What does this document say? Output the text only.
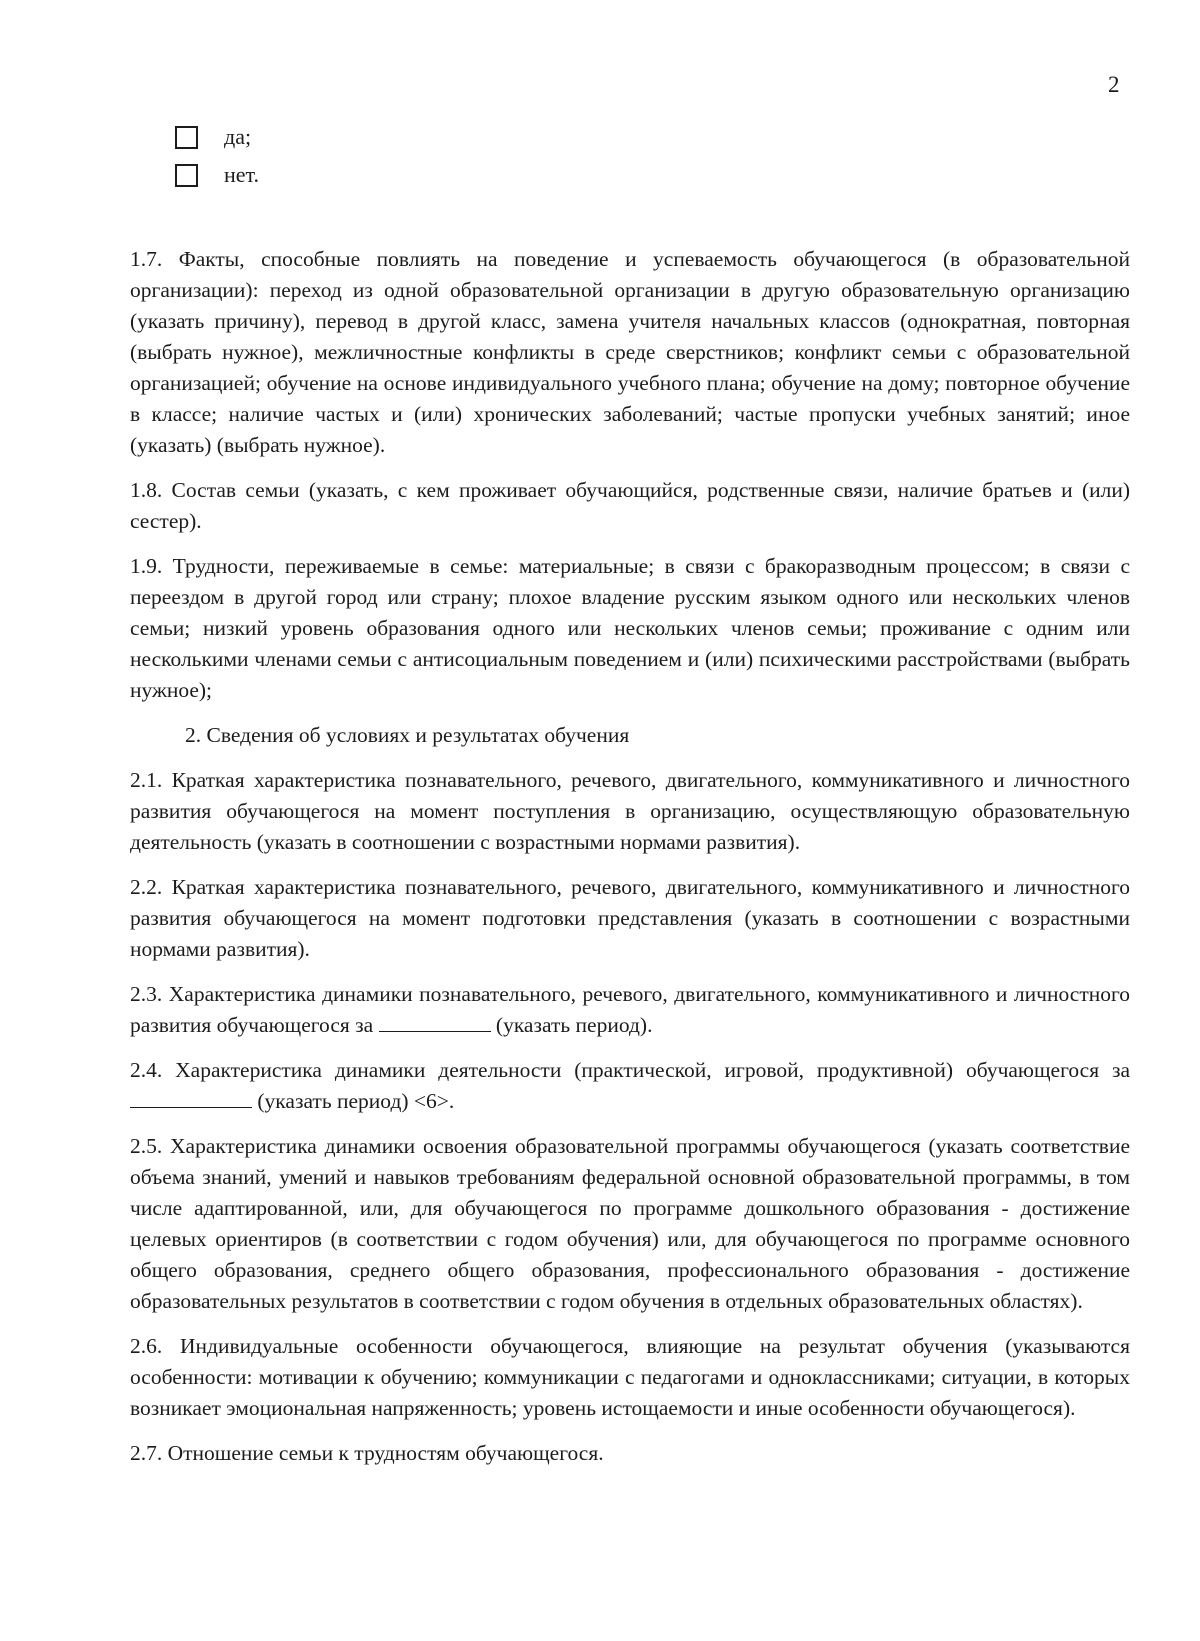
2
да;
нет.

1.7. Факты, способные повлиять на поведение и успеваемость обучающегося (в образовательной организации): переход из одной образовательной организации в другую образовательную организацию (указать причину), перевод в другой класс, замена учителя начальных классов (однократная, повторная (выбрать нужное), межличностные конфликты в среде сверстников; конфликт семьи с образовательной организацией; обучение на основе индивидуального учебного плана; обучение на дому; повторное обучение в классе; наличие частых и (или) хронических заболеваний; частые пропуски учебных занятий; иное (указать) (выбрать нужное).

1.8. Состав семьи (указать, с кем проживает обучающийся, родственные связи, наличие братьев и (или) сестер).

1.9. Трудности, переживаемые в семье: материальные; в связи с бракоразводным процессом; в связи с переездом в другой город или страну; плохое владение русским языком одного или нескольких членов семьи; низкий уровень образования одного или нескольких членов семьи; проживание с одним или несколькими членами семьи с антисоциальным поведением и (или) психическими расстройствами (выбрать нужное);

2. Сведения об условиях и результатах обучения

2.1. Краткая характеристика познавательного, речевого, двигательного, коммуникативного и личностного развития обучающегося на момент поступления в организацию, осуществляющую образовательную деятельность (указать в соотношении с возрастными нормами развития).

2.2. Краткая характеристика познавательного, речевого, двигательного, коммуникативного и личностного развития обучающегося на момент подготовки представления (указать в соотношении с возрастными нормами развития).

2.3. Характеристика динамики познавательного, речевого, двигательного, коммуникативного и личностного развития обучающегося за	(указать период).

2.4. Характеристика динамики деятельности (практической, игровой, продуктивной) обучающегося за  (указать период) <6>.

2.5. Характеристика динамики освоения образовательной программы обучающегося (указать соответствие объема знаний, умений и навыков требованиям федеральной основной образовательной программы, в том числе адаптированной, или, для обучающегося по программе дошкольного образования - достижение целевых ориентиров (в соответствии с годом обучения) или, для обучающегося по программе основного общего образования, среднего общего образования, профессионального образования - достижение образовательных результатов в соответствии с годом обучения в отдельных образовательных областях).

2.6. Индивидуальные особенности обучающегося, влияющие на результат обучения (указываются особенности: мотивации к обучению; коммуникации с педагогами и одноклассниками; ситуации, в которых возникает эмоциональная напряженность; уровень истощаемости и иные особенности обучающегося).

2.7. Отношение семьи к трудностям обучающегося.
